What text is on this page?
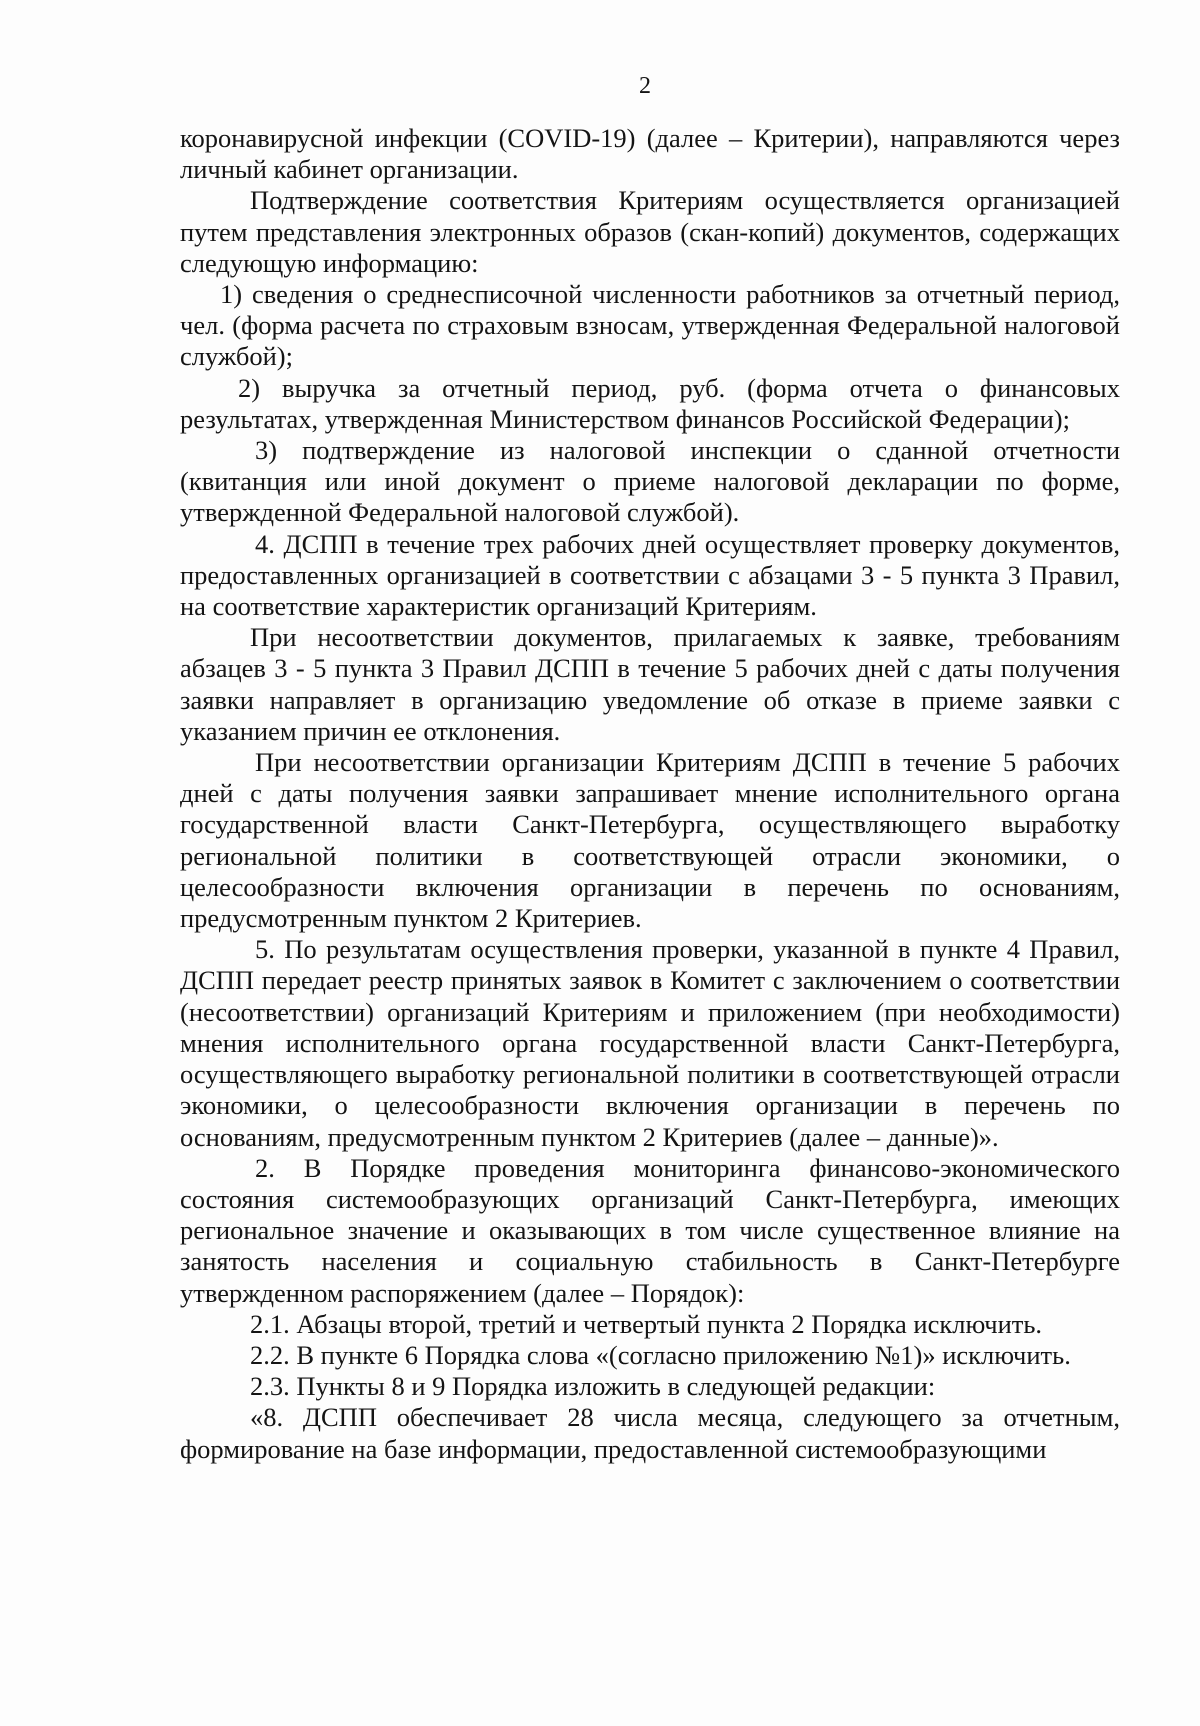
2

коронавирусной инфекции (COVID-19) (далее – Критерии), направляются через личный кабинет организации.

Подтверждение соответствия Критериям осуществляется организацией путем представления электронных образов (скан-копий) документов, содержащих следующую информацию:

1) сведения о среднесписочной численности работников за отчетный период, чел. (форма расчета по страховым взносам, утвержденная Федеральной налоговой службой);

2) выручка за отчетный период, руб. (форма отчета о финансовых результатах, утвержденная Министерством финансов Российской Федерации);

3) подтверждение из налоговой инспекции о сданной отчетности (квитанция или иной документ о приеме налоговой декларации по форме, утвержденной Федеральной налоговой службой).

4. ДСПП в течение трех рабочих дней осуществляет проверку документов, предоставленных организацией в соответствии с абзацами 3 - 5 пункта 3 Правил, на соответствие характеристик организаций Критериям.

При несоответствии документов, прилагаемых к заявке, требованиям абзацев 3 - 5 пункта 3 Правил ДСПП в течение 5 рабочих дней с даты получения заявки направляет в организацию уведомление об отказе в приеме заявки с указанием причин ее отклонения.

При несоответствии организации Критериям ДСПП в течение 5 рабочих дней с даты получения заявки запрашивает мнение исполнительного органа государственной власти Санкт-Петербурга, осуществляющего выработку региональной политики в соответствующей отрасли экономики, о целесообразности включения организации в перечень по основаниям, предусмотренным пунктом 2 Критериев.

5. По результатам осуществления проверки, указанной в пункте 4 Правил, ДСПП передает реестр принятых заявок в Комитет с заключением о соответствии (несоответствии) организаций Критериям и приложением (при необходимости) мнения исполнительного органа государственной власти Санкт-Петербурга, осуществляющего выработку региональной политики в соответствующей отрасли экономики, о целесообразности включения организации в перечень по основаниям, предусмотренным пунктом 2 Критериев (далее – данные)».

2. В Порядке проведения мониторинга финансово-экономического состояния системообразующих организаций Санкт-Петербурга, имеющих региональное значение и оказывающих в том числе существенное влияние на занятость населения и социальную стабильность в Санкт-Петербурге утвержденном распоряжением (далее – Порядок):

2.1. Абзацы второй, третий и четвертый пункта 2 Порядка исключить.

2.2. В пункте 6 Порядка слова «(согласно приложению №1)» исключить.

2.3. Пункты 8 и 9 Порядка изложить в следующей редакции:

«8. ДСПП обеспечивает 28 числа месяца, следующего за отчетным, формирование на базе информации, предоставленной системообразующими
